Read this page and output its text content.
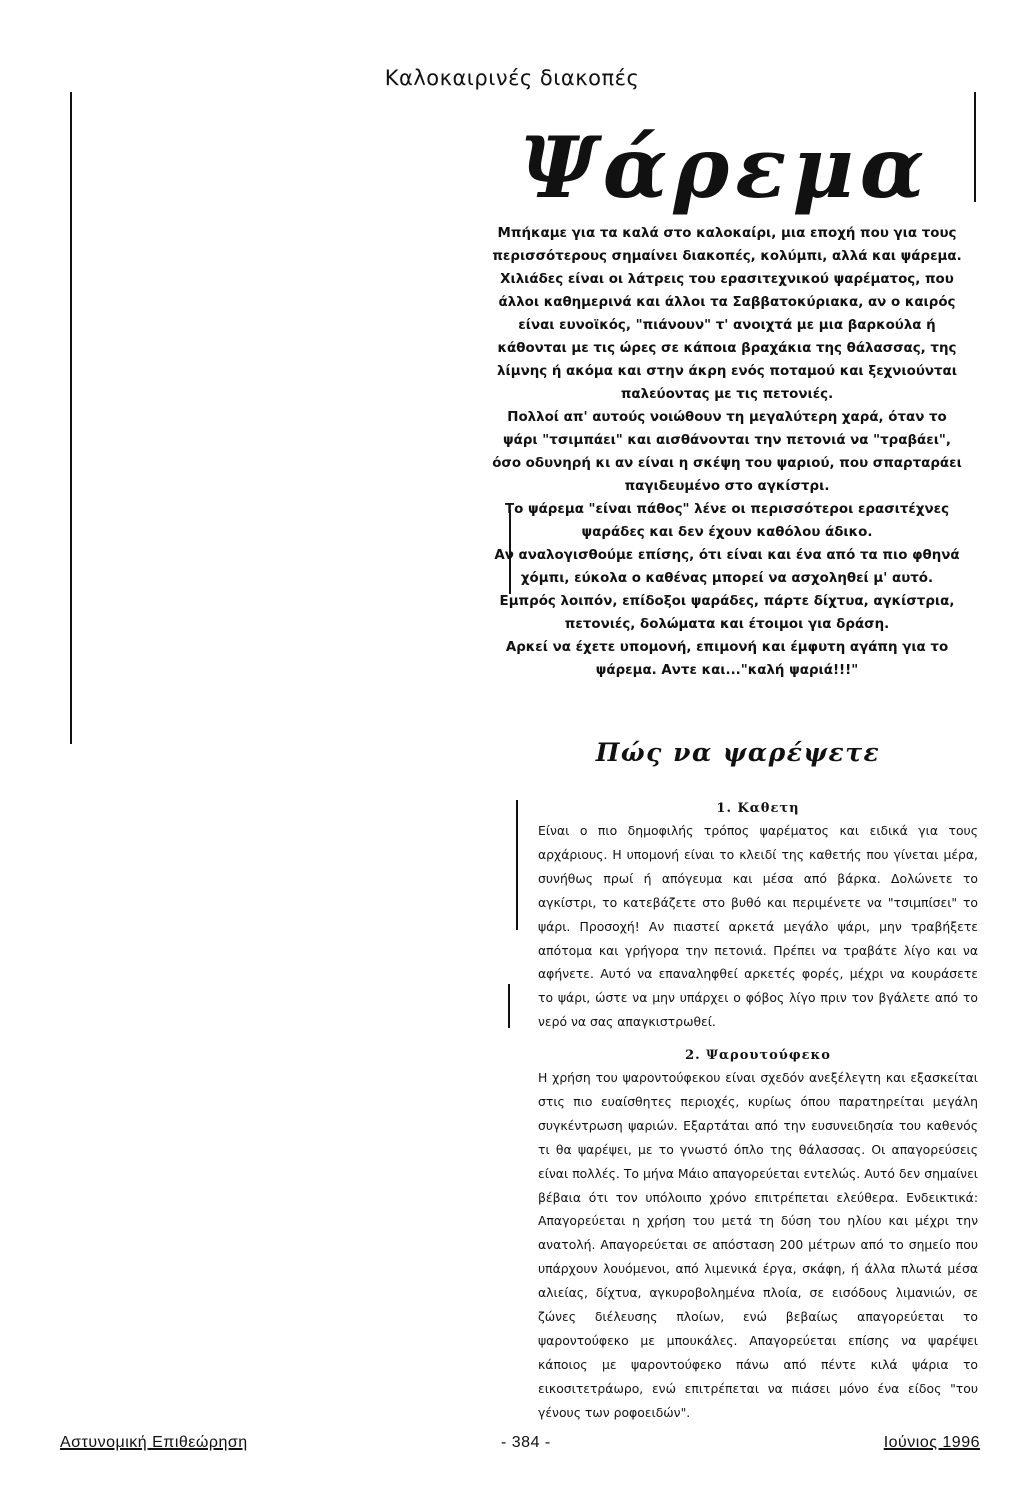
Καλοκαιρινές διακοπές
Ψάρεμα

Μπήκαμε για τα καλά στο καλοκαίρι, μια εποχή που για τους περισσότερους σημαίνει διακοπές, κολύμπι, αλλά και ψάρεμα.

Χιλιάδες είναι οι λάτρεις του ερασιτεχνικού ψαρέματος, που άλλοι καθημερινά και άλλοι τα Σαββατοκύριακα, αν ο καιρός είναι ευνοϊκός, "πιάνουν" τ' ανοιχτά με μια βαρκούλα ή κάθονται με τις ώρες σε κάποια βραχάκια της θάλασσας, της λίμνης ή ακόμα και στην άκρη ενός ποταμού και ξεχνιούνται παλεύοντας με τις πετονιές.

Πολλοί απ' αυτούς νοιώθουν τη μεγαλύτερη χαρά, όταν το ψάρι "τσιμπάει" και αισθάνονται την πετονιά να "τραβάει", όσο οδυνηρή κι αν είναι η σκέψη του ψαριού, που σπαρταράει παγιδευμένο στο αγκίστρι.

Το ψάρεμα "είναι πάθος" λένε οι περισσότεροι ερασιτέχνες ψαράδες και δεν έχουν καθόλου άδικο.

Αν αναλογισθούμε επίσης, ότι είναι και ένα από τα πιο φθηνά χόμπι, εύκολα ο καθένας μπορεί να ασχοληθεί μ' αυτό.

Εμπρός λοιπόν, επίδοξοι ψαράδες, πάρτε δίχτυα, αγκίστρια, πετονιές, δολώματα και έτοιμοι για δράση.

Αρκεί να έχετε υπομονή, επιμονή και έμφυτη αγάπη για το ψάρεμα. Αντε και..."καλή ψαριά!!!"

Πώς να ψαρέψετε
1. Καθετη

Είναι ο πιο δημοφιλής τρόπος ψαρέματος και ειδικά για τους αρχάριους. Η υπομονή είναι το κλειδί της καθετής που γίνεται μέρα, συνήθως πρωί ή απόγευμα και μέσα από βάρκα. Δολώνετε το αγκίστρι, το κατεβάζετε στο βυθό και περιμένετε να "τσιμπίσει" το ψάρι. Προσοχή! Αν πιαστεί αρκετά μεγάλο ψάρι, μην τραβήξετε απότομα και γρήγορα την πετονιά. Πρέπει να τραβάτε λίγο και να αφήνετε. Αυτό να επαναληφθεί αρκετές φορές, μέχρι να κουράσετε το ψάρι, ώστε να μην υπάρχει ο φόβος λίγο πριν τον βγάλετε από το νερό να σας απαγκιστρωθεί.

2. Ψαρουτούφεκο

Η χρήση του ψαροντούφεκου είναι σχεδόν ανεξέλεγτη και εξασκείται στις πιο ευαίσθητες περιοχές, κυρίως όπου παρατηρείται μεγάλη συγκέντρωση ψαριών. Εξαρτάται από την ευσυνειδησία του καθενός τι θα ψαρέψει, με το γνωστό όπλο της θάλασσας. Οι απαγορεύσεις είναι πολλές. Το μήνα Μάιο απαγορεύεται εντελώς. Αυτό δεν σημαίνει βέβαια ότι τον υπόλοιπο χρόνο επιτρέπεται ελεύθερα. Ενδεικτικά: Απαγορεύεται η χρήση του μετά τη δύση του ηλίου και μέχρι την ανατολή. Απαγορεύεται σε απόσταση 200 μέτρων από το σημείο που υπάρχουν λουόμενοι, από λιμενικά έργα, σκάφη, ή άλλα πλωτά μέσα αλιείας, δίχτυα, αγκυροβολημένα πλοία, σε εισόδους λιμανιών, σε ζώνες διέλευσης πλοίων, ενώ βεβαίως απαγορεύεται το ψαροντούφεκο με μπουκάλες. Απαγορεύεται επίσης να ψαρέψει κάποιος με ψαροντούφεκο πάνω από πέντε κιλά ψάρια το εικοσιτετράωρο, ενώ επιτρέπεται να πιάσει μόνο ένα είδος "του γένους των ροφοειδών".

Αστυνομική Επιθεώρηση	- 384 -	Ιούνιος 1996
